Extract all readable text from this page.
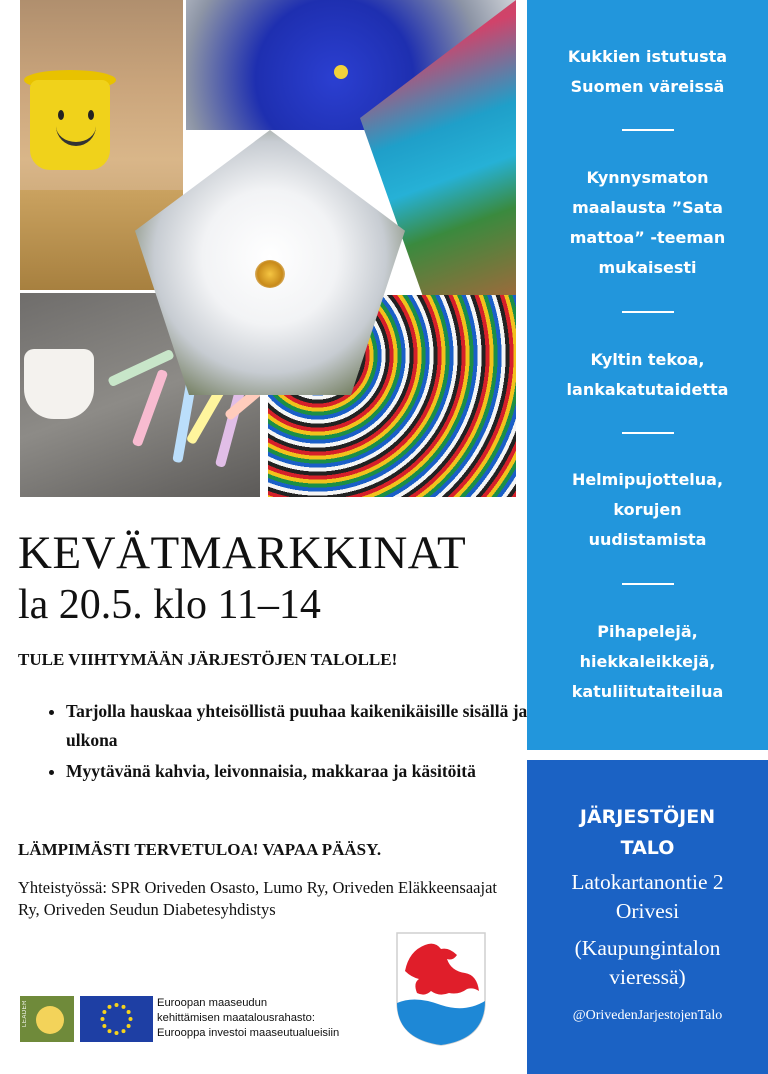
KEVÄTMARKKINAT
la 20.5. klo 11–14
TULE VIIHTYMÄÄN JÄRJESTÖJEN TALOLLE!
• Tarjolla hauskaa yhteisöllistä puuhaa kaikenikäisille sisällä ja ulkona
• Myytävänä kahvia, leivonnaisia, makkaraa ja käsitöitä
LÄMPIMÄSTI TERVETULOA! VAPAA PÄÄSY.
Yhteistyössä: SPR Oriveden Osasto, Lumo Ry, Oriveden Eläkkeensaajat Ry, Oriveden Seudun Diabetesyhdistys
LEADER	Euroopan maaseudun
kehittämisen maatalousrahasto:
Eurooppa investoi maaseutualueisiin
Kukkien istutusta
Suomen väreissä
Kynnysmaton
maalausta ”Sata
mattoa” -teeman
mukaisesti
Kyltin tekoa,
lankakatutaidetta
Helmipujottelua,
korujen
uudistamista
Pihapelejä,
hiekkaleikkejä,
katuliitutaiteilua
JÄRJESTÖJEN
TALO
Latokartanontie 2
Orivesi
(Kaupungintalon
vieressä)
@OrivedenJarjestojenTalo
